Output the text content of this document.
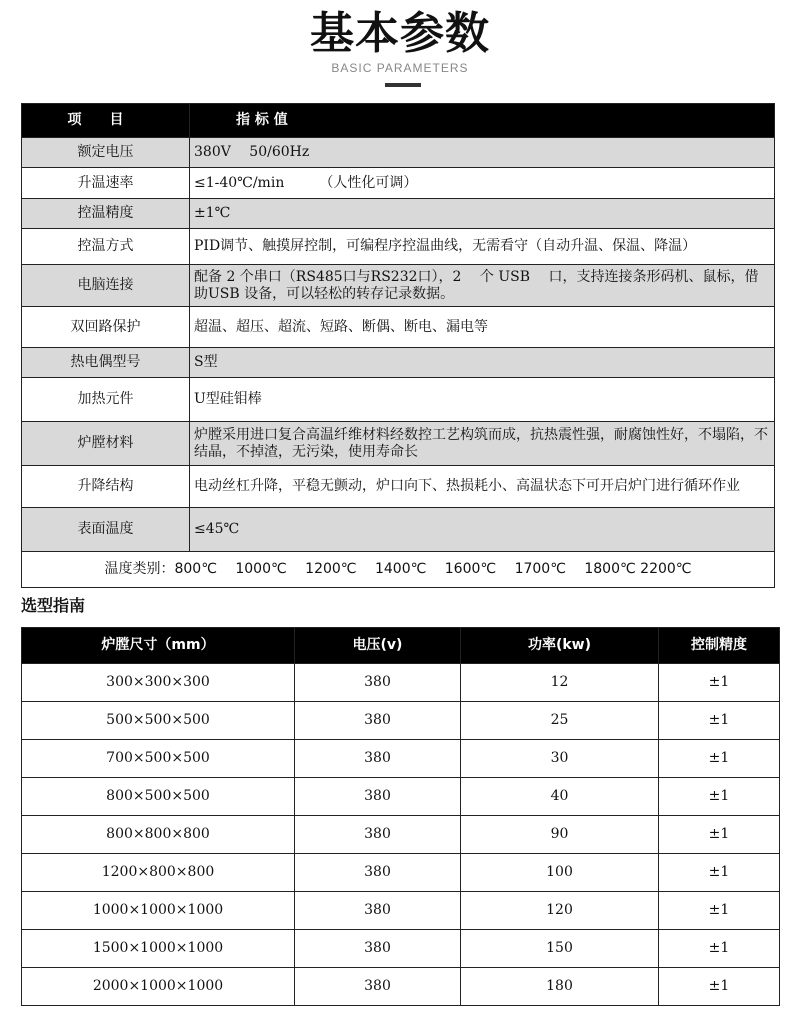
基本参数
BASIC PARAMETERS
项　　目	指 标 值
额定电压	380V　 50/60Hz
升温速率	≤1-40℃/min　　　（人性化可调）
控温精度	±1℃
控温方式	PID调节、触摸屏控制，可编程序控温曲线，无需看守（自动升温、保温、降温）
电脑连接	配备 2 个串口（RS485口与RS232口），2　 个 USB　 口，支持连接条形码机、鼠标，借助USB 设备，可以轻松的转存记录数据。
双回路保护	超温、超压、超流、短路、断偶、断电、漏电等
热电偶型号	S型
加热元件	U型硅钼棒
炉膛材料	炉膛采用进口复合高温纤维材料经数控工艺构筑而成，抗热震性强，耐腐蚀性好，不塌陷，不结晶，不掉渣，无污染，使用寿命长
升降结构	电动丝杠升降，平稳无颤动，炉口向下、热损耗小、高温状态下可开启炉门进行循环作业
表面温度	≤45℃
温度类别：800℃　 1000℃　 1200℃　 1400℃　 1600℃　 1700℃　 1800℃ 2200℃	
选型指南
炉膛尺寸（mm）	电压(v)	功率(kw)	控制精度
300×300×300	380	12	±1
500×500×500	380	25	±1
700×500×500	380	30	±1
800×500×500	380	40	±1
800×800×800	380	90	±1
1200×800×800	380	100	±1
1000×1000×1000	380	120	±1
1500×1000×1000	380	150	±1
2000×1000×1000	380	180	±1
